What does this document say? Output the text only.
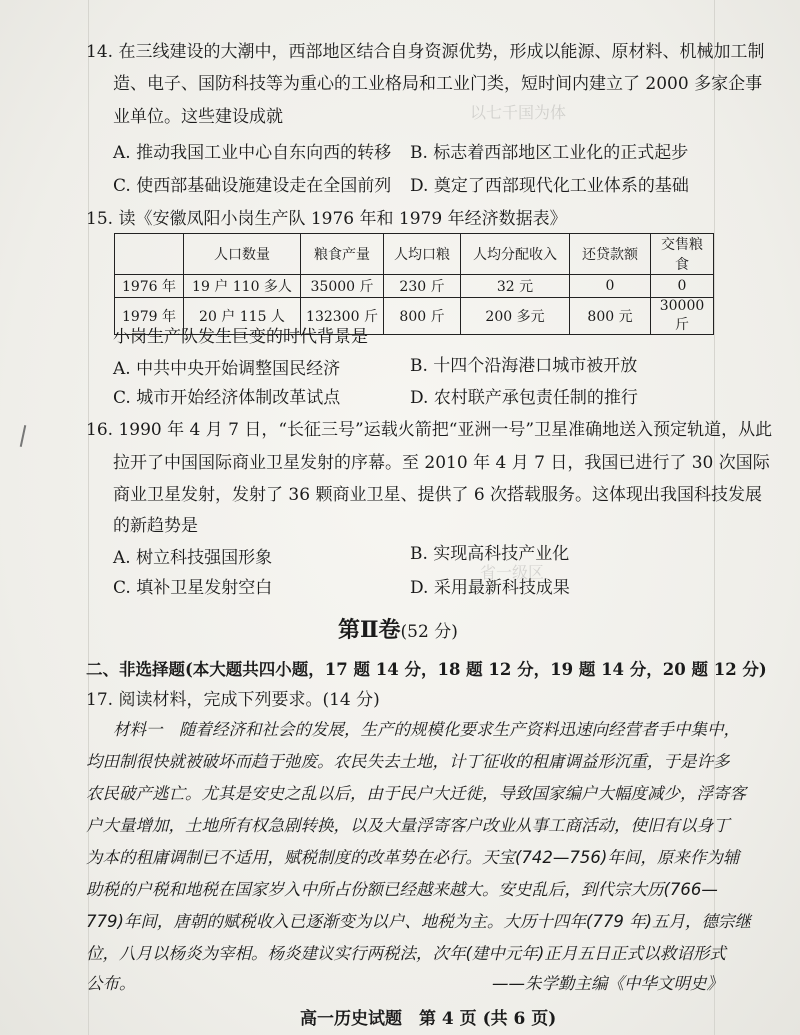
以七千国为体
省一级区
14. 在三线建设的大潮中，西部地区结合自身资源优势，形成以能源、原材料、机械加工制
造、电子、国防科技等为重心的工业格局和工业门类，短时间内建立了 2000 多家企事
业单位。这些建设成就
A. 推动我国工业中心自东向西的转移 B. 标志着西部地区工业化的正式起步
C. 使西部基础设施建设走在全国前列 D. 奠定了西部现代化工业体系的基础
15. 读《安徽凤阳小岗生产队 1976 年和 1979 年经济数据表》
	人口数量	粮食产量	人均口粮	人均分配收入	还贷款额	交售粮食
1976 年	19 户 110 多人	35000 斤	230 斤	32 元	0	0
1979 年	20 户 115 人	132300 斤	800 斤	200 多元	800 元	30000 斤
小岗生产队发生巨变的时代背景是
A. 中共中央开始调整国民经济	B. 十四个沿海港口城市被开放
C. 城市开始经济体制改革试点	D. 农村联产承包责任制的推行
16. 1990 年 4 月 7 日，“长征三号”运载火箭把“亚洲一号”卫星准确地送入预定轨道，从此
拉开了中国国际商业卫星发射的序幕。至 2010 年 4 月 7 日，我国已进行了 30 次国际
商业卫星发射，发射了 36 颗商业卫星、提供了 6 次搭载服务。这体现出我国科技发展
的新趋势是
A. 树立科技强国形象	B. 实现高科技产业化
C. 填补卫星发射空白	D. 采用最新科技成果
第Ⅱ卷(52 分)
二、非选择题(本大题共四小题，17 题 14 分，18 题 12 分，19 题 14 分，20 题 12 分)
17. 阅读材料，完成下列要求。(14 分)
材料一　随着经济和社会的发展，生产的规模化要求生产资料迅速向经营者手中集中，
均田制很快就被破坏而趋于弛废。农民失去土地，计丁征收的租庸调益形沉重，于是许多
农民破产逃亡。尤其是安史之乱以后，由于民户大迁徙，导致国家编户大幅度减少，浮寄客
户大量增加，土地所有权急剧转换，以及大量浮寄客户改业从事工商活动，使旧有以身丁
为本的租庸调制已不适用，赋税制度的改革势在必行。天宝(742—756)年间，原来作为辅
助税的户税和地税在国家岁入中所占份额已经越来越大。安史乱后，到代宗大历(766—
779)年间，唐朝的赋税收入已逐渐变为以户、地税为主。大历十四年(779 年)五月，德宗继
位，八月以杨炎为宰相。杨炎建议实行两税法，次年(建中元年)正月五日正式以救诏形式
公布。	——朱学勤主编《中华文明史》
高一历史试题　第 4 页 (共 6 页)
